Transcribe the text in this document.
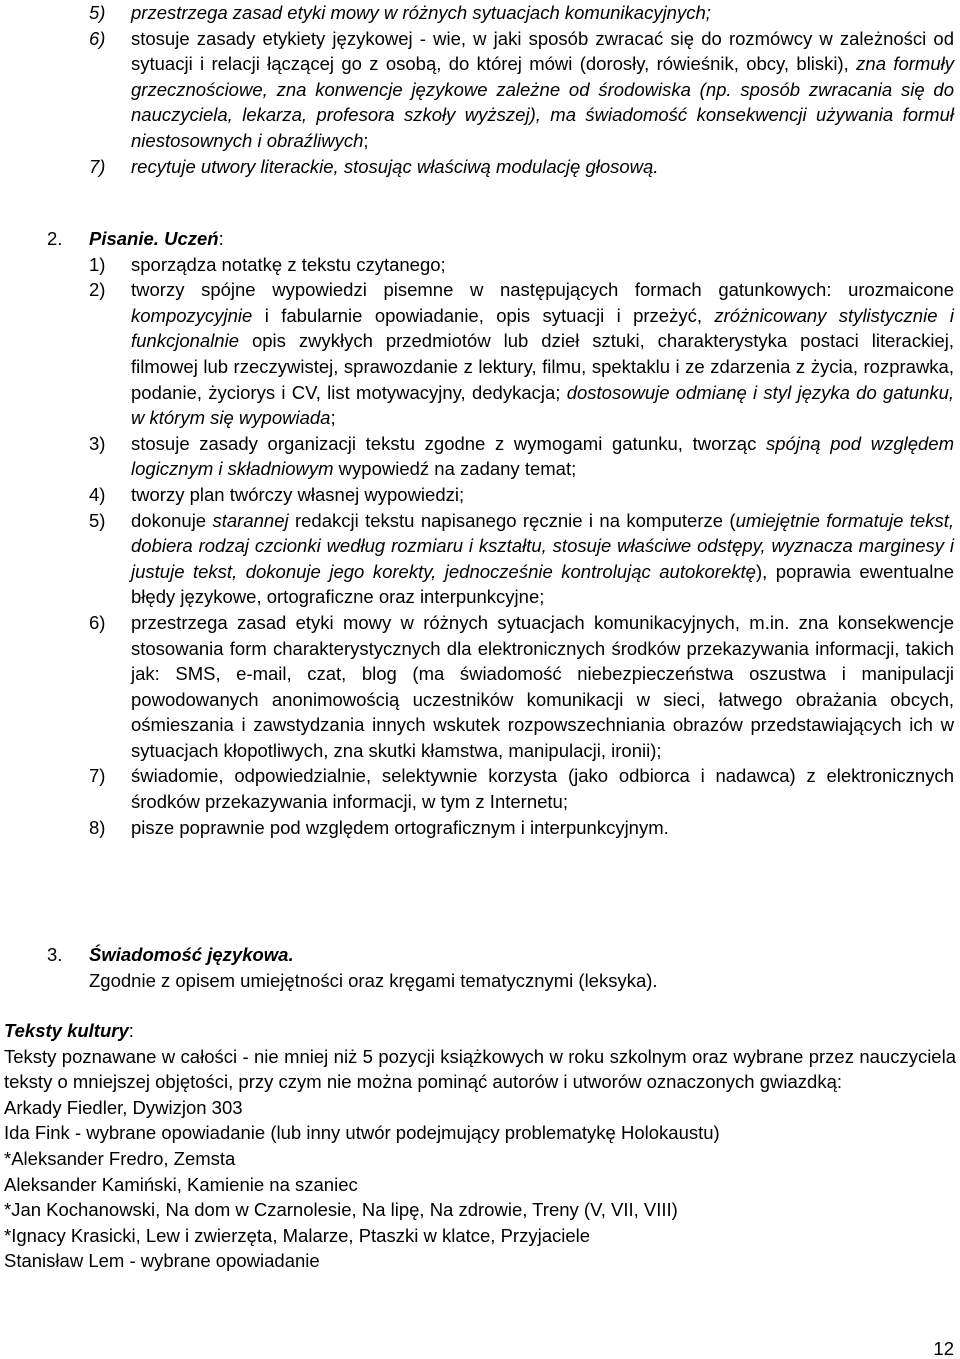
5) przestrzega zasad etyki mowy w różnych sytuacjach komunikacyjnych;
6) stosuje zasady etykiety językowej - wie, w jaki sposób zwracać się do rozmówcy w zależności od sytuacji i relacji łączącej go z osobą, do której mówi (dorosły, rówieśnik, obcy, bliski), zna formuły grzecznościowe, zna konwencje językowe zależne od środowiska (np. sposób zwracania się do nauczyciela, lekarza, profesora szkoły wyższej), ma świadomość konsekwencji używania formuł niestosownych i obraźliwych;
7) recytuje utwory literackie, stosując właściwą modulację głosową.
2. Pisanie. Uczeń:
1) sporządza notatkę z tekstu czytanego;
2) tworzy spójne wypowiedzi pisemne w następujących formach gatunkowych: urozmaicone kompozycyjnie i fabularnie opowiadanie, opis sytuacji i przeżyć, zróżnicowany stylistycznie i funkcjonalnie opis zwykłych przedmiotów lub dzieł sztuki, charakterystyka postaci literackiej, filmowej lub rzeczywistej, sprawozdanie z lektury, filmu, spektaklu i ze zdarzenia z życia, rozprawka, podanie, życiorys i CV, list motywacyjny, dedykacja; dostosowuje odmianę i styl języka do gatunku, w którym się wypowiada;
3) stosuje zasady organizacji tekstu zgodne z wymogami gatunku, tworząc spójną pod względem logicznym i składniowym wypowiedź na zadany temat;
4) tworzy plan twórczy własnej wypowiedzi;
5) dokonuje starannej redakcji tekstu napisanego ręcznie i na komputerze (umiejętnie formatuje tekst, dobiera rodzaj czcionki według rozmiaru i kształtu, stosuje właściwe odstępy, wyznacza marginesy i justuje tekst, dokonuje jego korekty, jednocześnie kontrolując autokorektę), poprawia ewentualne błędy językowe, ortograficzne oraz interpunkcyjne;
6) przestrzega zasad etyki mowy w różnych sytuacjach komunikacyjnych, m.in. zna konsekwencje stosowania form charakterystycznych dla elektronicznych środków przekazywania informacji, takich jak: SMS, e-mail, czat, blog (ma świadomość niebezpieczeństwa oszustwa i manipulacji powodowanych anonimowością uczestników komunikacji w sieci, łatwego obrażania obcych, ośmieszania i zawstydzania innych wskutek rozpowszechniania obrazów przedstawiających ich w sytuacjach kłopotliwych, zna skutki kłamstwa, manipulacji, ironii);
7) świadomie, odpowiedzialnie, selektywnie korzysta (jako odbiorca i nadawca) z elektronicznych środków przekazywania informacji, w tym z Internetu;
8) pisze poprawnie pod względem ortograficznym i interpunkcyjnym.
3. Świadomość językowa.
Zgodnie z opisem umiejętności oraz kręgami tematycznymi (leksyka).
Teksty kultury:
Teksty poznawane w całości - nie mniej niż 5 pozycji książkowych w roku szkolnym oraz wybrane przez nauczyciela teksty o mniejszej objętości, przy czym nie można pominąć autorów i utworów oznaczonych gwiazdką:
Arkady Fiedler, Dywizjon 303
Ida Fink - wybrane opowiadanie (lub inny utwór podejmujący problematykę Holokaustu)
*Aleksander Fredro, Zemsta
Aleksander Kamiński, Kamienie na szaniec
*Jan Kochanowski, Na dom w Czarnolesie, Na lipę, Na zdrowie, Treny (V, VII, VIII)
*Ignacy Krasicki, Lew i zwierzęta, Malarze, Ptaszki w klatce, Przyjaciele
Stanisław Lem - wybrane opowiadanie
12
